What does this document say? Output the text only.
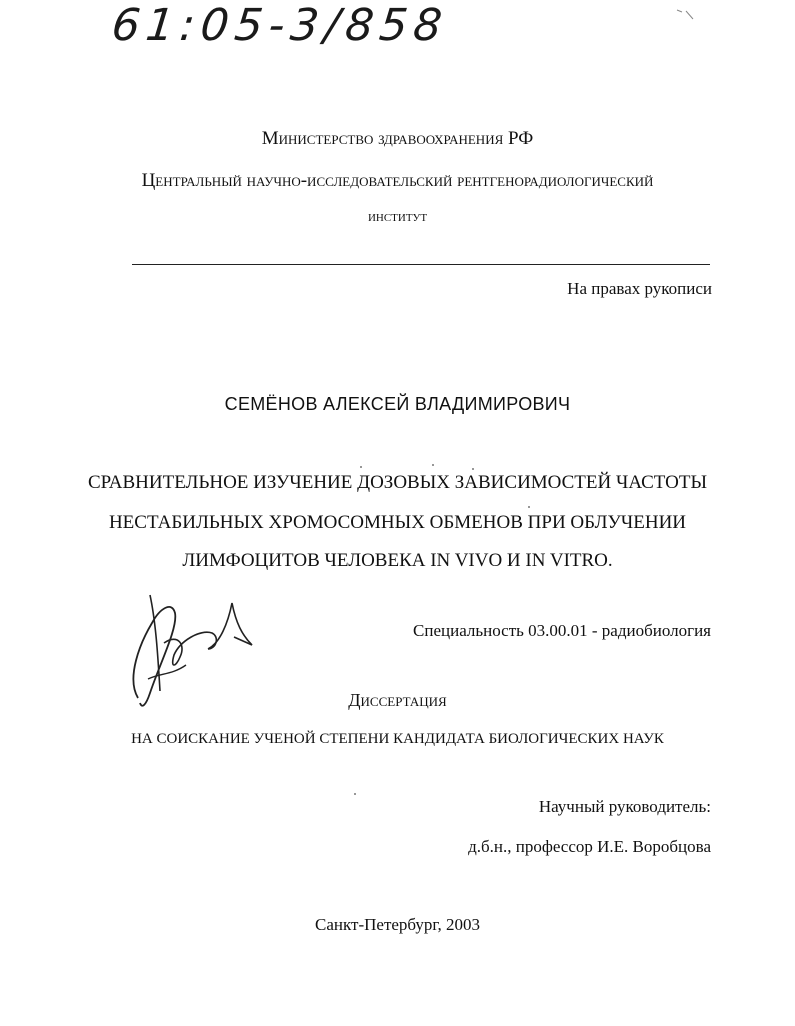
61:05-3/858
Министерство здравоохранения РФ
Центральный научно-исследовательский рентгенорадиологический
институт
На правах рукописи
СЕМЁНОВ АЛЕКСЕЙ ВЛАДИМИРОВИЧ
СРАВНИТЕЛЬНОЕ ИЗУЧЕНИЕ ДОЗОВЫХ ЗАВИСИМОСТЕЙ ЧАСТОТЫ
НЕСТАБИЛЬНЫХ ХРОМОСОМНЫХ ОБМЕНОВ ПРИ ОБЛУЧЕНИИ
ЛИМФОЦИТОВ ЧЕЛОВЕКА IN VIVO И IN VITRO.
Специальность 03.00.01 - радиобиология
Диссертация
НА СОИСКАНИЕ УЧЕНОЙ СТЕПЕНИ КАНДИДАТА БИОЛОГИЧЕСКИХ НАУК
Научный руководитель:
д.б.н., профессор И.Е. Воробцова
Санкт-Петербург, 2003
